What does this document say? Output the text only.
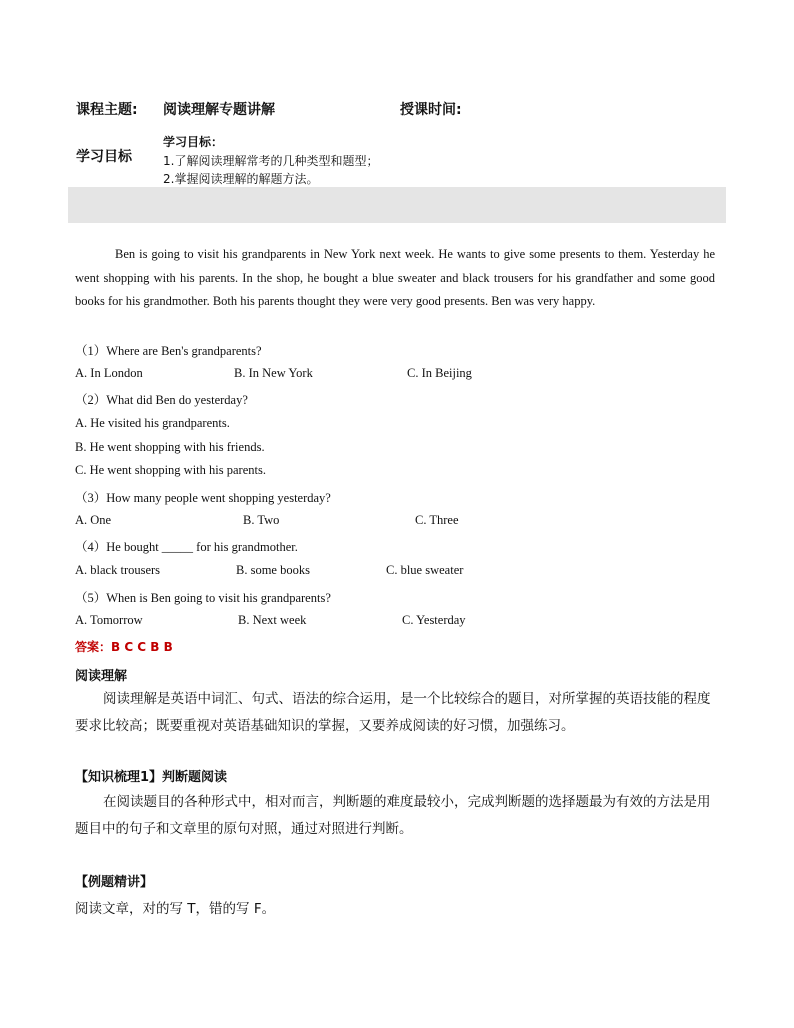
课程主题: 阅读理解专题讲解	授课时间:
学习目标
学习目标：
1.了解阅读理解常考的几种类型和题型；
2.掌握阅读理解的解题方法。
Ben is going to visit his grandparents in New York next week. He wants to give some presents to them. Yesterday he went shopping with his parents. In the shop, he bought a blue sweater and black trousers for his grandfather and some good books for his grandmother. Both his parents thought they were very good presents. Ben was very happy.
（1）Where are Ben's grandparents?
A. In London	B. In New York	C. In Beijing
（2）What did Ben do yesterday?
A. He visited his grandparents.
B. He went shopping with his friends.
C. He went shopping with his parents.
（3）How many people went shopping yesterday?
A. One	B. Two	C. Three
（4）He bought _____ for his grandmother.
A. black trousers	B. some books	C. blue sweater
（5）When is Ben going to visit his grandparents?
A. Tomorrow	B. Next week	C. Yesterday
答案：B C C B B
阅读理解
阅读理解是英语中词汇、句式、语法的综合运用，是一个比较综合的题目，对所掌握的英语技能的程度要求比较高；既要重视对英语基础知识的掌握，又要养成阅读的好习惯，加强练习。
【知识梳理1】判断题阅读
在阅读题目的各种形式中，相对而言，判断题的难度最较小，完成判断题的选择题最为有效的方法是用题目中的句子和文章里的原句对照，通过对照进行判断。
【例题精讲】
阅读文章，对的写 T，错的写 F。
